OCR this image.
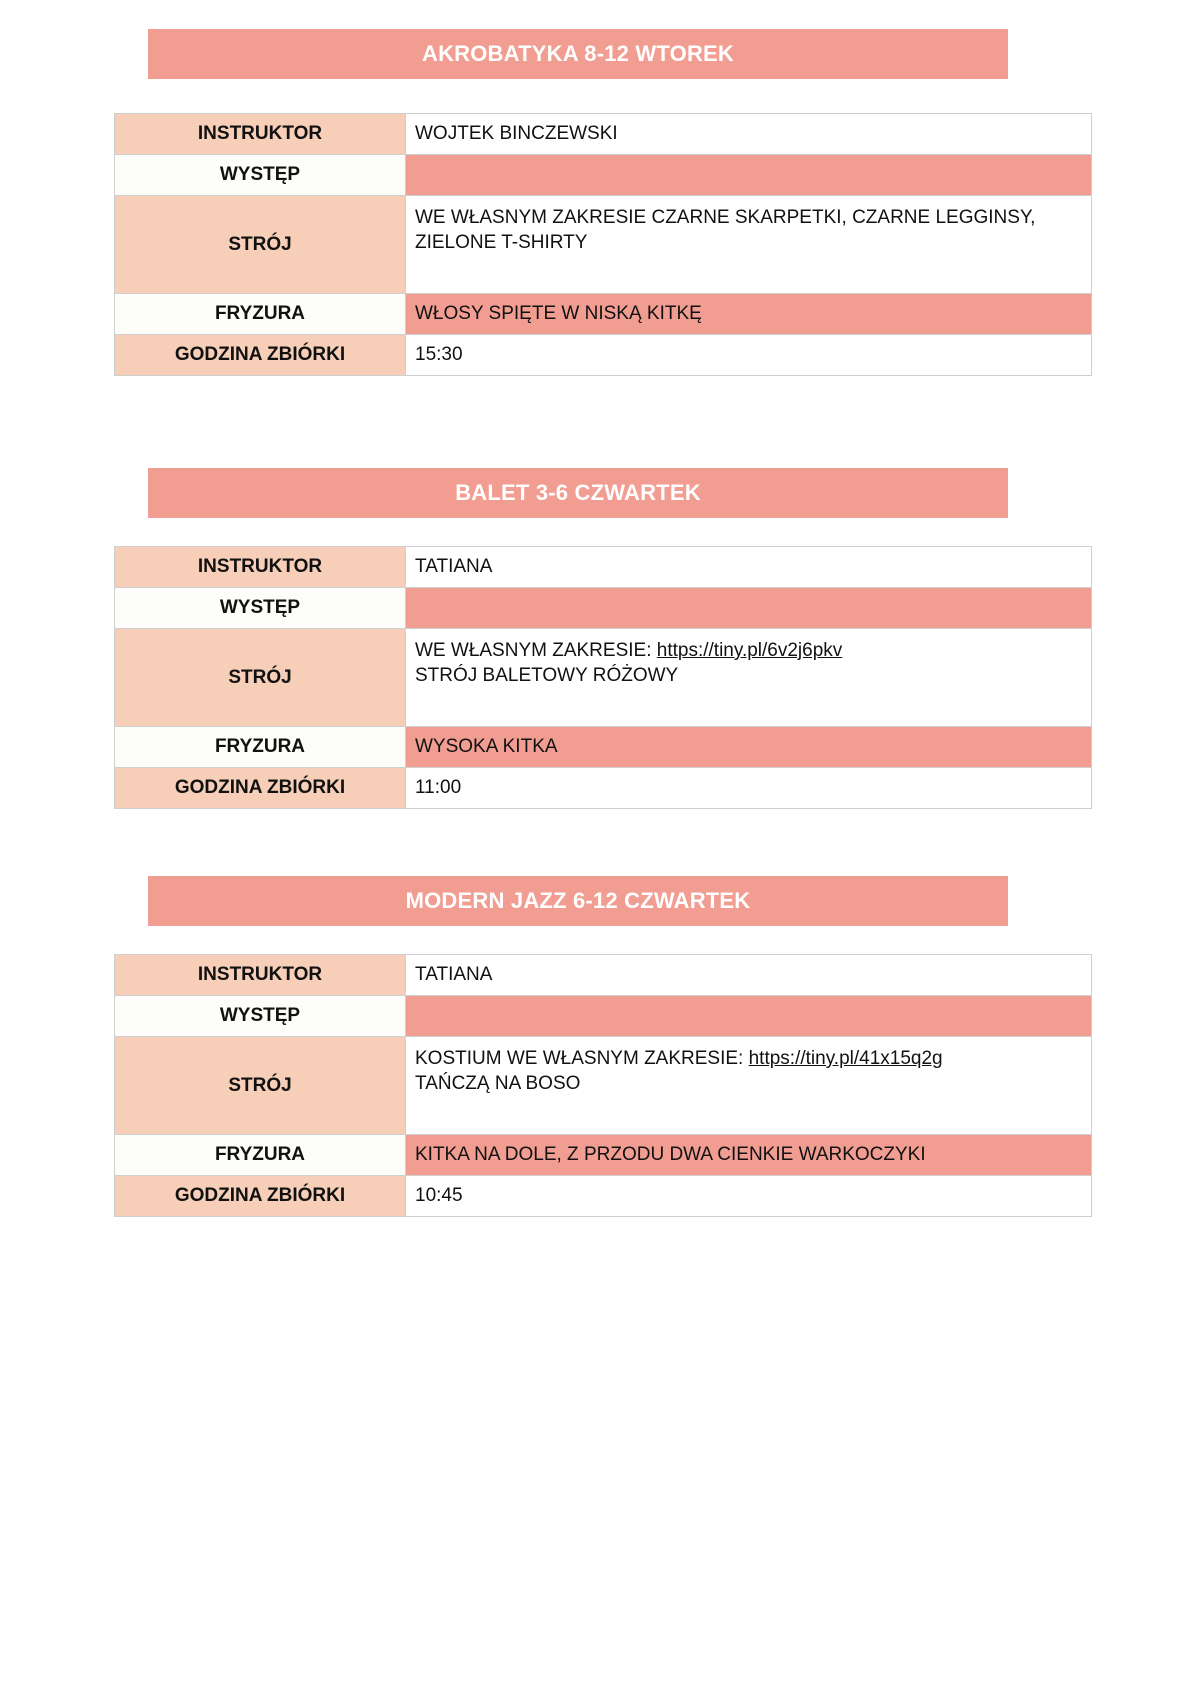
AKROBATYKA 8-12 WTOREK
INSTRUKTOR	WOJTEK BINCZEWSKI
WYSTĘP	
STRÓJ	WE WŁASNYM ZAKRESIE CZARNE SKARPETKI, CZARNE LEGGINSY,
ZIELONE T-SHIRTY

FRYZURA	WŁOSY SPIĘTE W NISKĄ KITKĘ
GODZINA ZBIÓRKI	15:30
BALET 3-6 CZWARTEK
INSTRUKTOR	TATIANA
WYSTĘP	
STRÓJ	WE WŁASNYM ZAKRESIE: https://tiny.pl/6v2j6pkv
STRÓJ BALETOWY RÓŻOWY

FRYZURA	WYSOKA KITKA
GODZINA ZBIÓRKI	11:00
MODERN JAZZ 6-12 CZWARTEK
INSTRUKTOR	TATIANA
WYSTĘP	
STRÓJ	KOSTIUM WE WŁASNYM ZAKRESIE: https://tiny.pl/41x15q2g
TAŃCZĄ NA BOSO

FRYZURA	KITKA NA DOLE, Z PRZODU DWA CIENKIE WARKOCZYKI
GODZINA ZBIÓRKI	10:45
